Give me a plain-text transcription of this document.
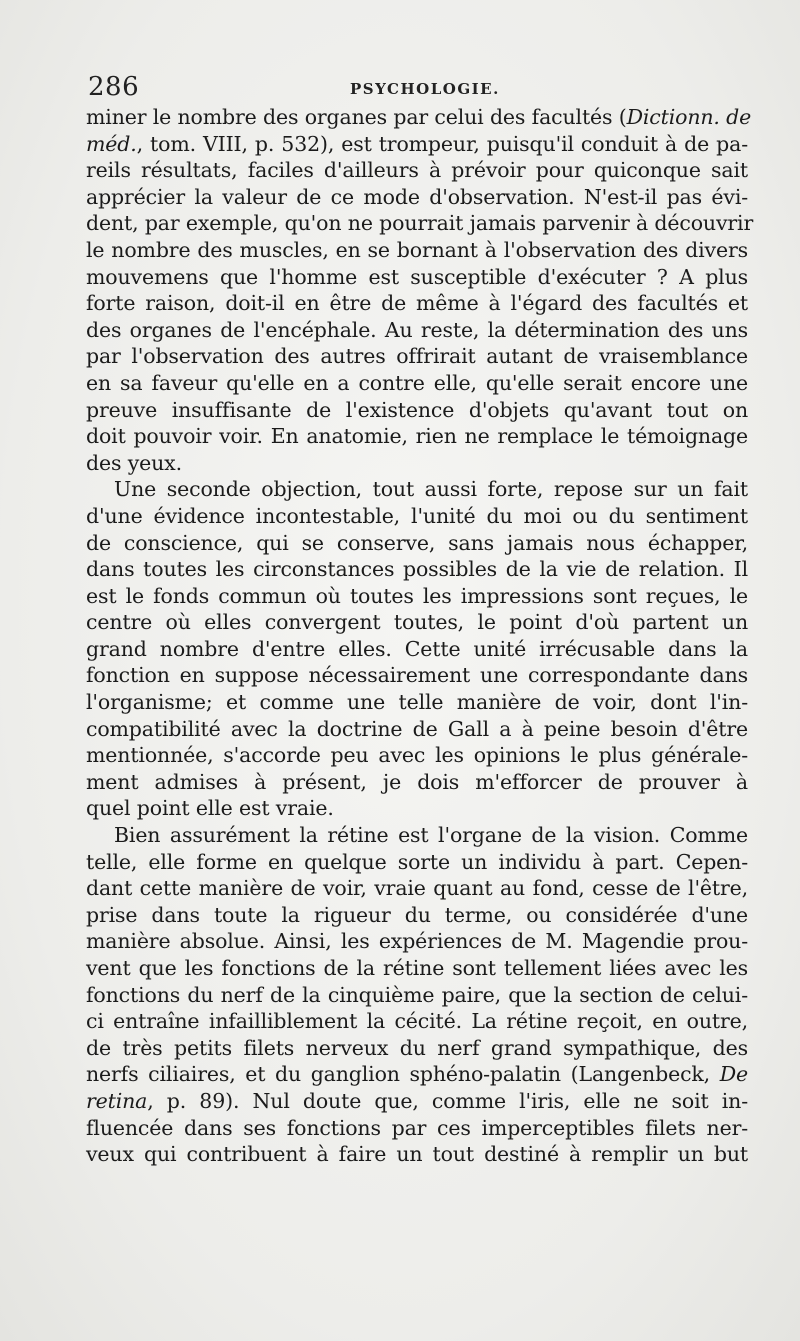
286	PSYCHOLOGIE.
miner le nombre des organes par celui des facultés (Dictionn. de
méd., tom. VIII, p. 532), est trompeur, puisqu'il conduit à de pa-
reils résultats, faciles d'ailleurs à prévoir pour quiconque sait
apprécier la valeur de ce mode d'observation. N'est-il pas évi-
dent, par exemple, qu'on ne pourrait jamais parvenir à découvrir
le nombre des muscles, en se bornant à l'observation des divers
mouvemens que l'homme est susceptible d'exécuter ? A plus
forte raison, doit-il en être de même à l'égard des facultés et
des organes de l'encéphale. Au reste, la détermination des uns
par l'observation des autres offrirait autant de vraisemblance
en sa faveur qu'elle en a contre elle, qu'elle serait encore une
preuve insuffisante de l'existence d'objets qu'avant tout on
doit pouvoir voir. En anatomie, rien ne remplace le témoignage
des yeux.
Une seconde objection, tout aussi forte, repose sur un fait
d'une évidence incontestable, l'unité du moi ou du sentiment
de conscience, qui se conserve, sans jamais nous échapper,
dans toutes les circonstances possibles de la vie de relation. Il
est le fonds commun où toutes les impressions sont reçues, le
centre où elles convergent toutes, le point d'où partent un
grand nombre d'entre elles. Cette unité irrécusable dans la
fonction en suppose nécessairement une correspondante dans
l'organisme; et comme une telle manière de voir, dont l'in-
compatibilité avec la doctrine de Gall a à peine besoin d'être
mentionnée, s'accorde peu avec les opinions le plus générale-
ment admises à présent, je dois m'efforcer de prouver à
quel point elle est vraie.
Bien assurément la rétine est l'organe de la vision. Comme
telle, elle forme en quelque sorte un individu à part. Cepen-
dant cette manière de voir, vraie quant au fond, cesse de l'être,
prise dans toute la rigueur du terme, ou considérée d'une
manière absolue. Ainsi, les expériences de M. Magendie prou-
vent que les fonctions de la rétine sont tellement liées avec les
fonctions du nerf de la cinquième paire, que la section de celui-
ci entraîne infailliblement la cécité. La rétine reçoit, en outre,
de très petits filets nerveux du nerf grand sympathique, des
nerfs ciliaires, et du ganglion sphéno-palatin (Langenbeck, De
retina, p. 89). Nul doute que, comme l'iris, elle ne soit in-
fluencée dans ses fonctions par ces imperceptibles filets ner-
veux qui contribuent à faire un tout destiné à remplir un but
